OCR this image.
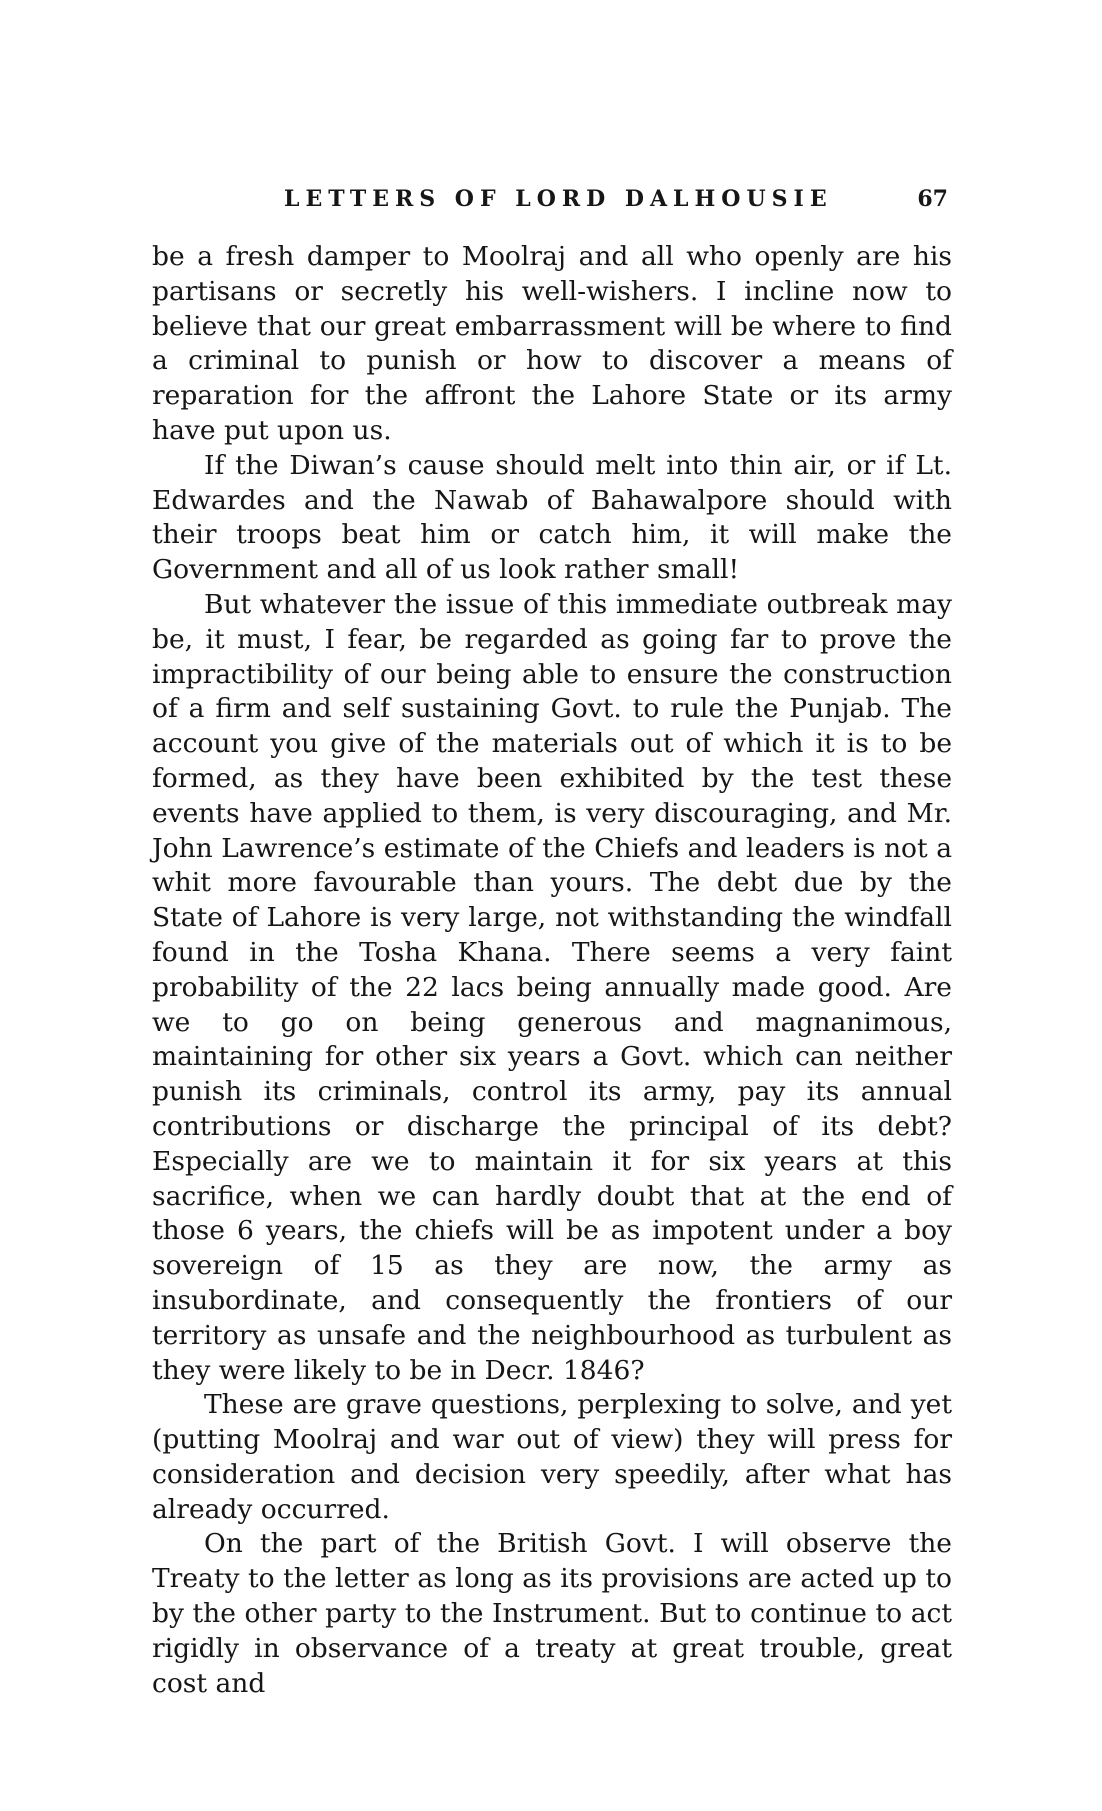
LETTERS OF LORD DALHOUSIE	67

be a fresh damper to Moolraj and all who openly are his partisans or secretly his well-wishers. I incline now to believe that our great embarrassment will be where to find a criminal to punish or how to discover a means of reparation for the affront the Lahore State or its army have put upon us.

If the Diwan’s cause should melt into thin air, or if Lt. Edwardes and the Nawab of Bahawalpore should with their troops beat him or catch him, it will make the Government and all of us look rather small!

But whatever the issue of this immediate outbreak may be, it must, I fear, be regarded as going far to prove the impractibility of our being able to ensure the construction of a firm and self sustaining Govt. to rule the Punjab. The account you give of the materials out of which it is to be formed, as they have been exhibited by the test these events have applied to them, is very discouraging, and Mr. John Lawrence’s estimate of the Chiefs and leaders is not a whit more favourable than yours. The debt due by the State of Lahore is very large, not withstanding the windfall found in the Tosha Khana. There seems a very faint probability of the 22 lacs being annually made good. Are we to go on being generous and magnanimous, maintaining for other six years a Govt. which can neither punish its criminals, control its army, pay its annual contributions or discharge the principal of its debt? Especially are we to maintain it for six years at this sacrifice, when we can hardly doubt that at the end of those 6 years, the chiefs will be as impotent under a boy sovereign of 15 as they are now, the army as insubordinate, and consequently the frontiers of our territory as unsafe and the neighbourhood as turbulent as they were likely to be in Decr. 1846?

These are grave questions, perplexing to solve, and yet (putting Moolraj and war out of view) they will press for consideration and decision very speedily, after what has already occurred.

On the part of the British Govt. I will observe the Treaty to the letter as long as its provisions are acted up to by the other party to the Instrument. But to continue to act rigidly in observance of a treaty at great trouble, great cost and
